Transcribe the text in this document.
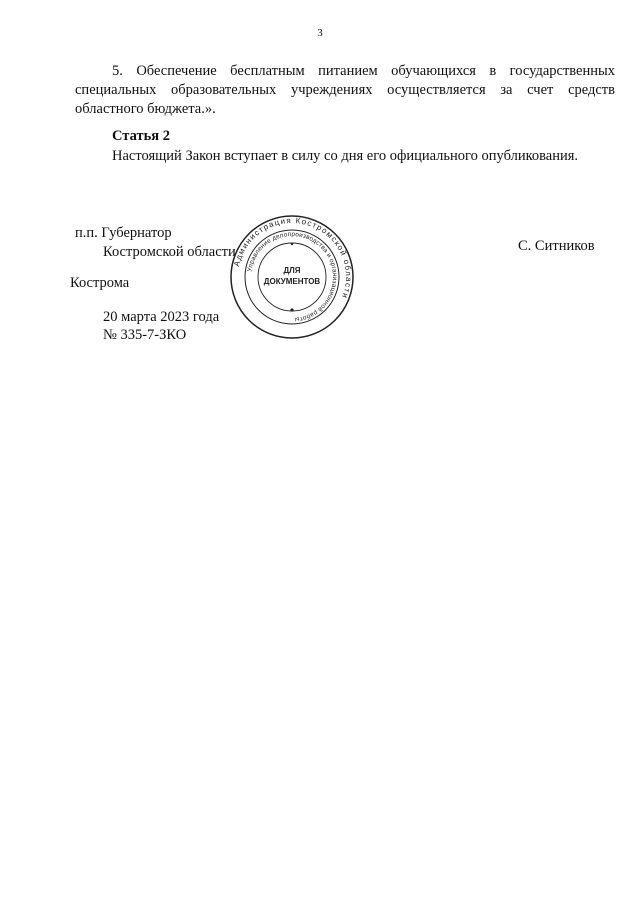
3
5. Обеспечение бесплатным питанием обучающихся в государственных
специальных образовательных учреждениях осуществляется за счет средств
областного бюджета.».
Статья 2
Настоящий Закон вступает в силу со дня его официального опубликования.
п.п. Губернатор
Костромской области	С. Ситников
Кострома
20 марта 2023 года
№ 335-7-ЗКО
Администрация Костромской области
Управление делопроизводства и организационной работы
ДЛЯ
ДОКУМЕНТОВ
